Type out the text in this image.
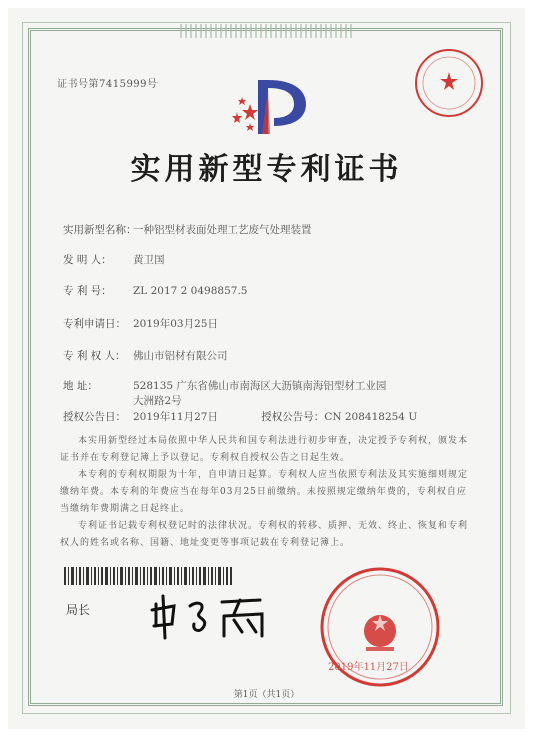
证书号第7415999号
实用新型专利证书
实用新型名称：一种铝型材表面处理工艺废气处理装置
发 明 人： 黄卫国
专 利 号： ZL 2017 2 0498857.5
专利申请日： 2019年03月25日
专 利 权 人： 佛山市铝材有限公司
地 址：	528135 广东省佛山市南海区大沥镇南海铝型材工业园
大洲路2号
授权公告日： 2019年11月27日	授权公告号：CN 208418254 U
本实用新型经过本局依照中华人民共和国专利法进行初步审查，决定授予专利权，颁发本证书并在专利登记簿上予以登记。专利权自授权公告之日起生效。
本专利的专利权期限为十年，自申请日起算。专利权人应当依照专利法及其实施细则规定缴纳年费。本专利的年费应当在每年03月25日前缴纳。未按照规定缴纳年费的，专利权自应当缴纳年费期满之日起终止。
专利证书记载专利权登记时的法律状况。专利权的转移、质押、无效、终止、恢复和专利权人的姓名或名称、国籍、地址变更等事项记载在专利登记簿上。
局长
2019年11月27日
第1页（共1页）
